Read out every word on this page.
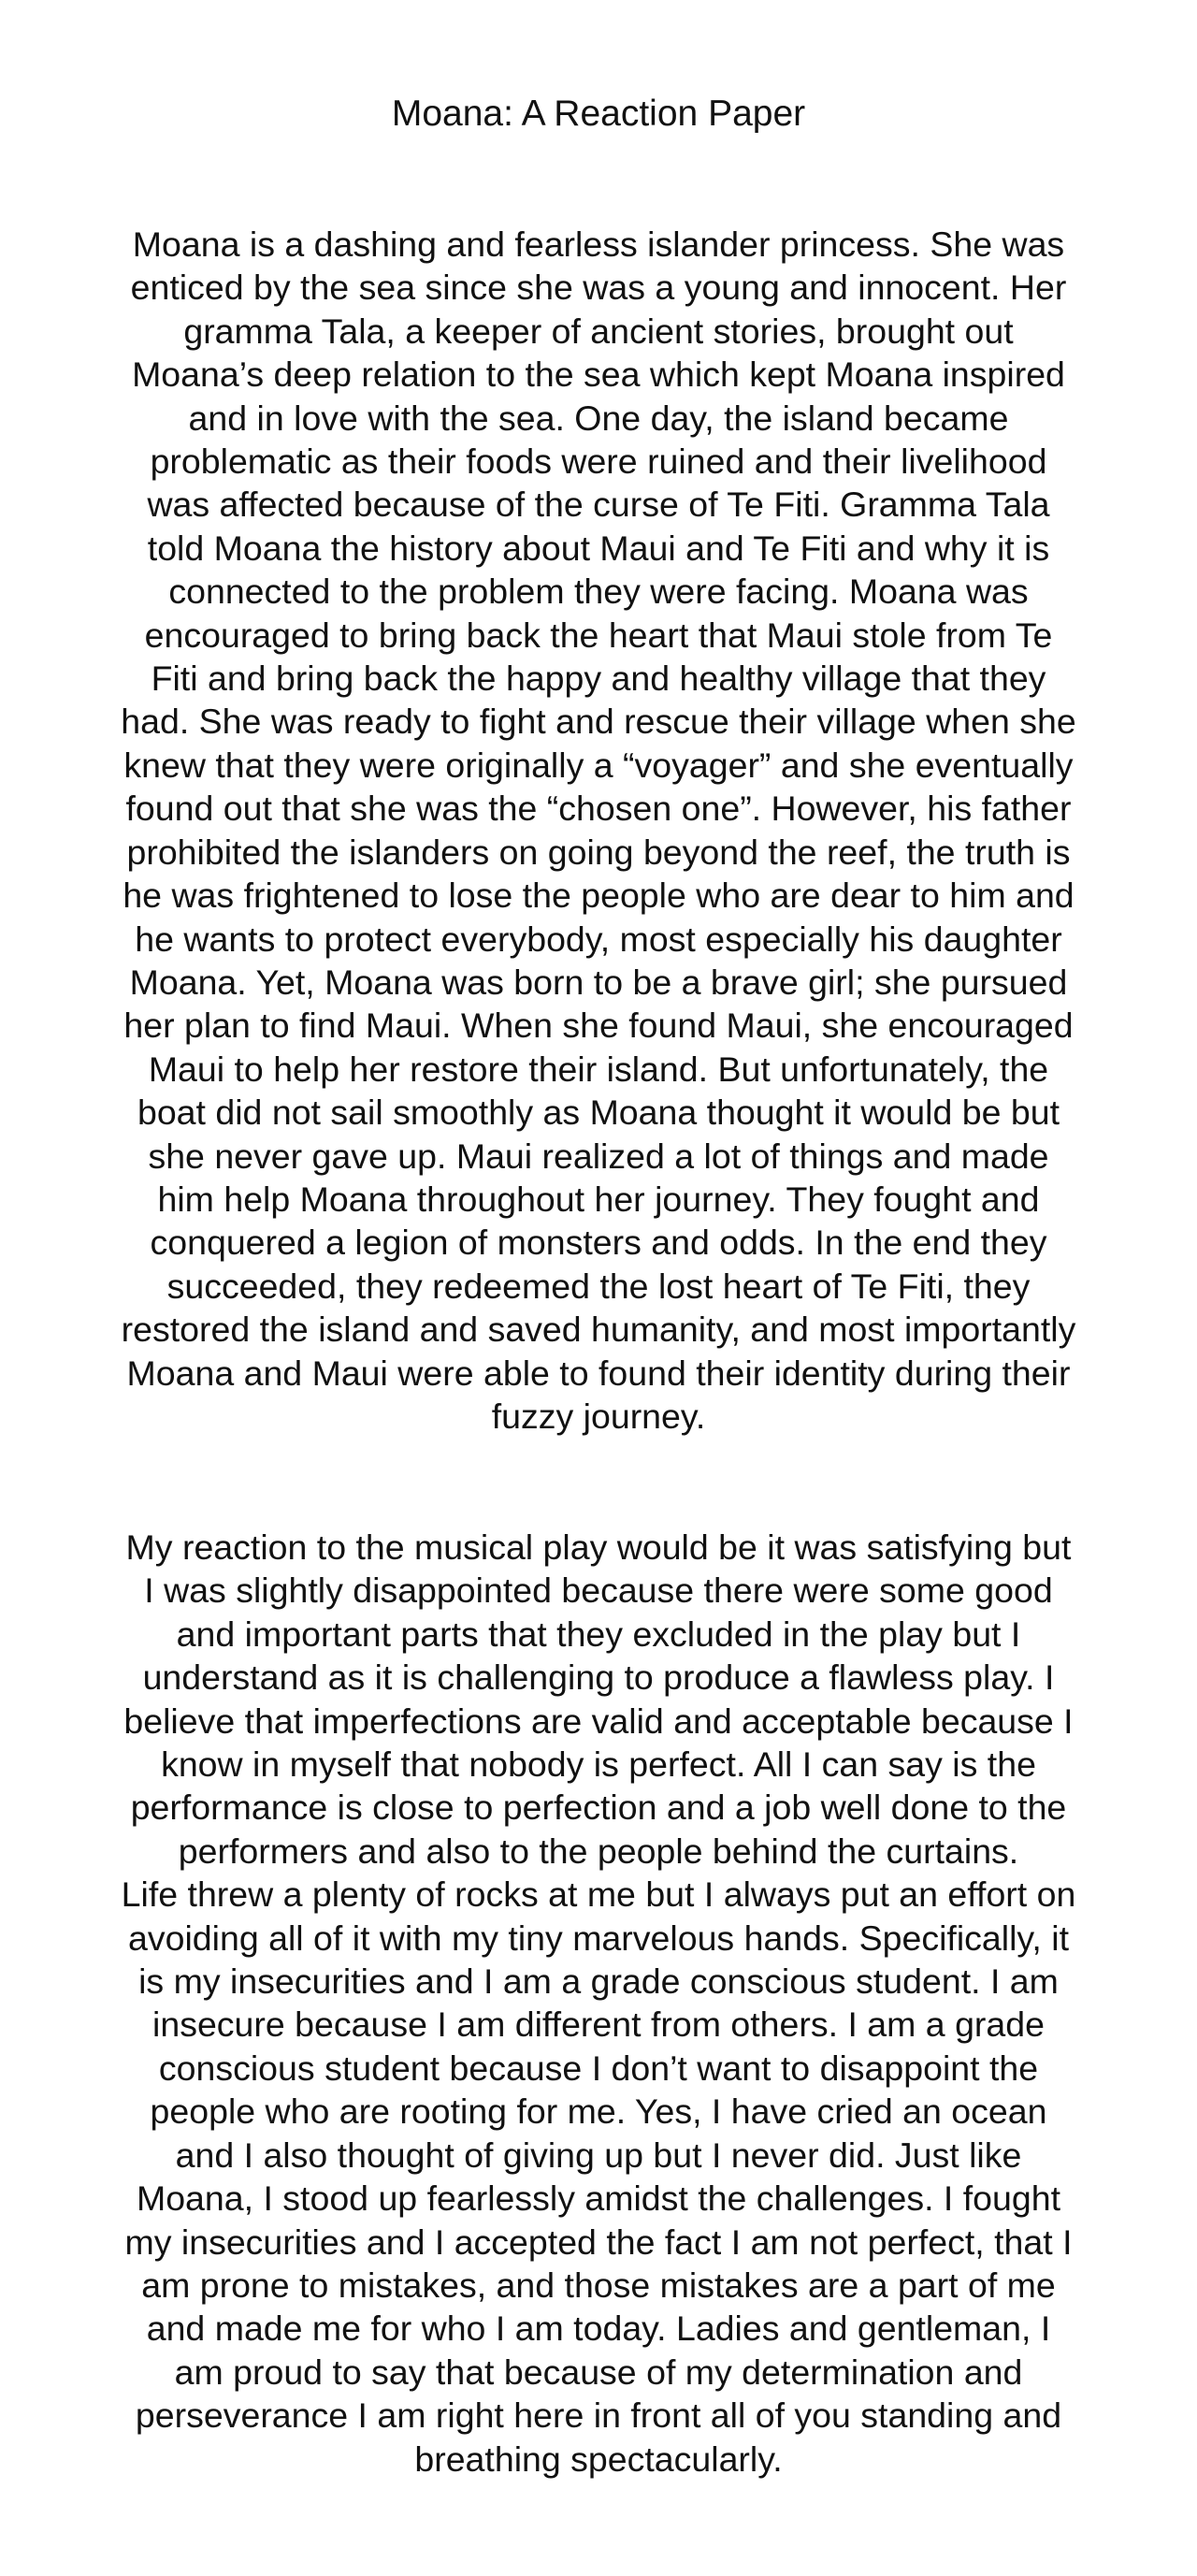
Moana: A Reaction Paper

Moana is a dashing and fearless islander princess. She was
enticed by the sea since she was a young and innocent. Her
gramma Tala, a keeper of ancient stories, brought out
Moana’s deep relation to the sea which kept Moana inspired
and in love with the sea. One day, the island became
problematic as their foods were ruined and their livelihood
was affected because of the curse of Te Fiti. Gramma Tala
told Moana the history about Maui and Te Fiti and why it is
connected to the problem they were facing. Moana was
encouraged to bring back the heart that Maui stole from Te
Fiti and bring back the happy and healthy village that they
had. She was ready to fight and rescue their village when she
knew that they were originally a “voyager” and she eventually
found out that she was the “chosen one”. However, his father
prohibited the islanders on going beyond the reef, the truth is
he was frightened to lose the people who are dear to him and
he wants to protect everybody, most especially his daughter
Moana. Yet, Moana was born to be a brave girl; she pursued
her plan to find Maui. When she found Maui, she encouraged
Maui to help her restore their island. But unfortunately, the
boat did not sail smoothly as Moana thought it would be but
she never gave up. Maui realized a lot of things and made
him help Moana throughout her journey. They fought and
conquered a legion of monsters and odds. In the end they
succeeded, they redeemed the lost heart of Te Fiti, they
restored the island and saved humanity, and most importantly
Moana and Maui were able to found their identity during their
fuzzy journey.

My reaction to the musical play would be it was satisfying but
I was slightly disappointed because there were some good
and important parts that they excluded in the play but I
understand as it is challenging to produce a flawless play. I
believe that imperfections are valid and acceptable because I
know in myself that nobody is perfect. All I can say is the
performance is close to perfection and a job well done to the
performers and also to the people behind the curtains.
Life threw a plenty of rocks at me but I always put an effort on
avoiding all of it with my tiny marvelous hands. Specifically, it
is my insecurities and I am a grade conscious student. I am
insecure because I am different from others. I am a grade
conscious student because I don’t want to disappoint the
people who are rooting for me. Yes, I have cried an ocean
and I also thought of giving up but I never did. Just like
Moana, I stood up fearlessly amidst the challenges. I fought
my insecurities and I accepted the fact I am not perfect, that I
am prone to mistakes, and those mistakes are a part of me
and made me for who I am today. Ladies and gentleman, I
am proud to say that because of my determination and
perseverance I am right here in front all of you standing and
breathing spectacularly.
